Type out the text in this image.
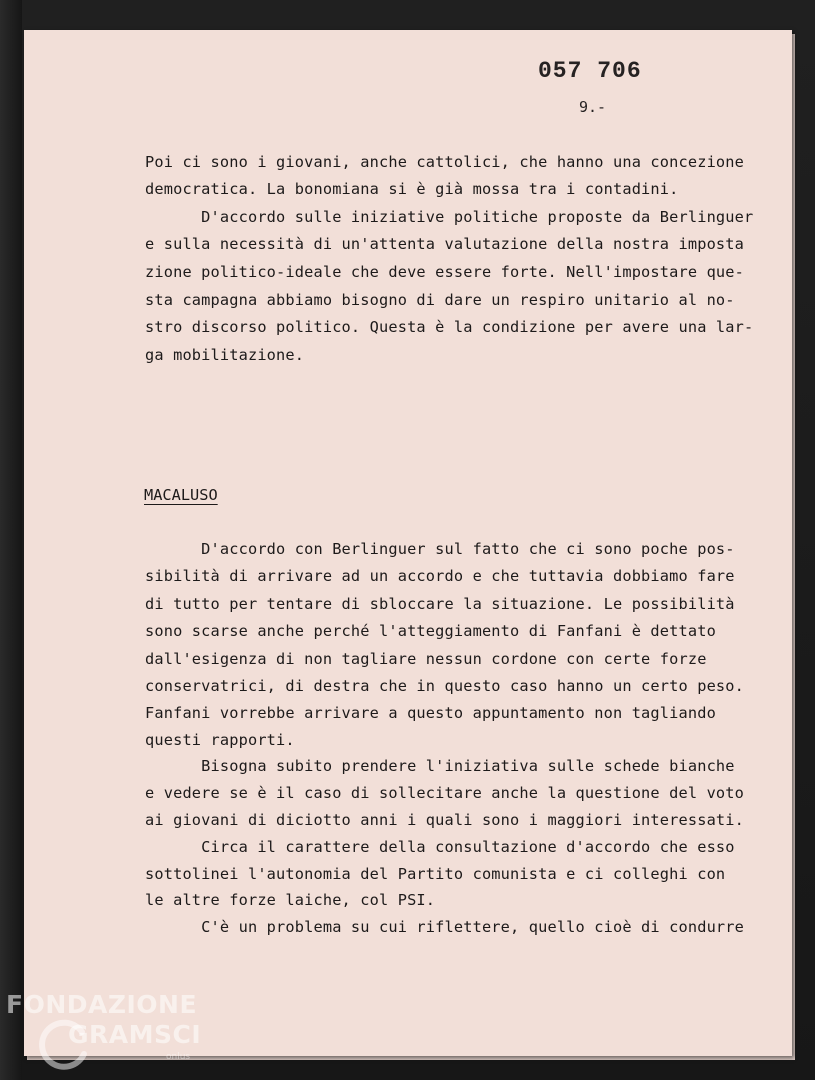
057 706
9.-
Poi ci sono i giovani, anche cattolici, che hanno una concezione
democratica. La bonomiana si è già mossa tra i contadini.
D'accordo sulle iniziative politiche proposte da Berlinguer
e sulla necessità di un'attenta valutazione della nostra imposta
zione politico-ideale che deve essere forte. Nell'impostare que-
sta campagna abbiamo bisogno di dare un respiro unitario al no-
stro discorso politico. Questa è la condizione per avere una lar-
ga mobilitazione.
MACALUSO
D'accordo con Berlinguer sul fatto che ci sono poche pos-
sibilità di arrivare ad un accordo e che tuttavia dobbiamo fare
di tutto per tentare di sbloccare la situazione. Le possibilità
sono scarse anche perché l'atteggiamento di Fanfani è dettato
dall'esigenza di non tagliare nessun cordone con certe forze
conservatrici, di destra che in questo caso hanno un certo peso.
Fanfani vorrebbe arrivare a questo appuntamento non tagliando
questi rapporti.
Bisogna subito prendere l'iniziativa sulle schede bianche
e vedere se è il caso di sollecitare anche la questione del voto
ai giovani di diciotto anni i quali sono i maggiori interessati.
Circa il carattere della consultazione d'accordo che esso
sottolinei l'autonomia del Partito comunista e ci colleghi con
le altre forze laiche, col PSI.
C'è un problema su cui riflettere, quello cioè di condurre
FONDAZIONE
GRAMSCI
onlus
